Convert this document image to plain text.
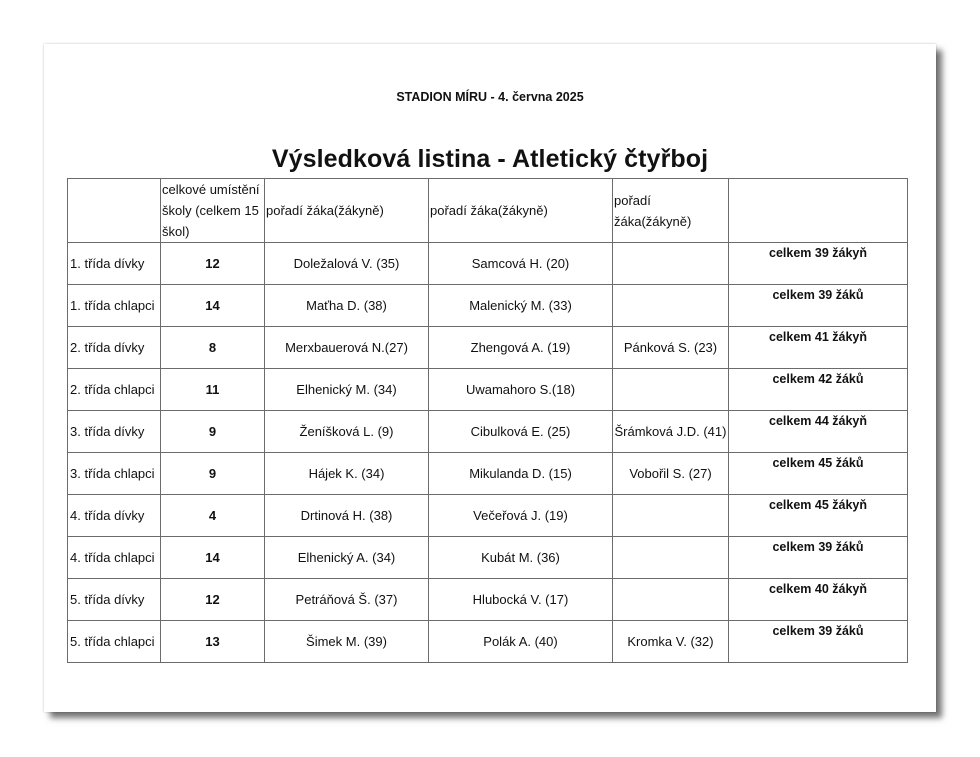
STADION MÍRU - 4. června 2025
Výsledková listina - Atletický čtyřboj
	celkové umístění školy (celkem 15 škol)	pořadí žáka(žákyně)	pořadí žáka(žákyně)	pořadí žáka(žákyně)	
1. třída dívky	12	Doležalová V. (35)	Samcová H. (20)		celkem 39 žákyň
1. třída chlapci	14	Maťha D. (38)	Malenický M. (33)		celkem 39 žáků
2. třída dívky	8	Merxbauerová N.(27)	Zhengová A. (19)	Pánková S. (23)	celkem 41 žákyň
2. třída chlapci	11	Elhenický M. (34)	Uwamahoro S.(18)		celkem 42 žáků
3. třída dívky	9	Ženíšková L. (9)	Cibulková E. (25)	Šrámková J.D. (41)	celkem 44 žákyň
3. třída chlapci	9	Hájek K. (34)	Mikulanda D. (15)	Vobořil S. (27)	celkem 45 žáků
4. třída dívky	4	Drtinová H. (38)	Večeřová J. (19)		celkem 45 žákyň
4. třída chlapci	14	Elhenický A. (34)	Kubát M. (36)		celkem 39 žáků
5. třída dívky	12	Petráňová Š. (37)	Hlubocká V. (17)		celkem 40 žákyň
5. třída chlapci	13	Šimek M. (39)	Polák A. (40)	Kromka V. (32)	celkem 39 žáků
